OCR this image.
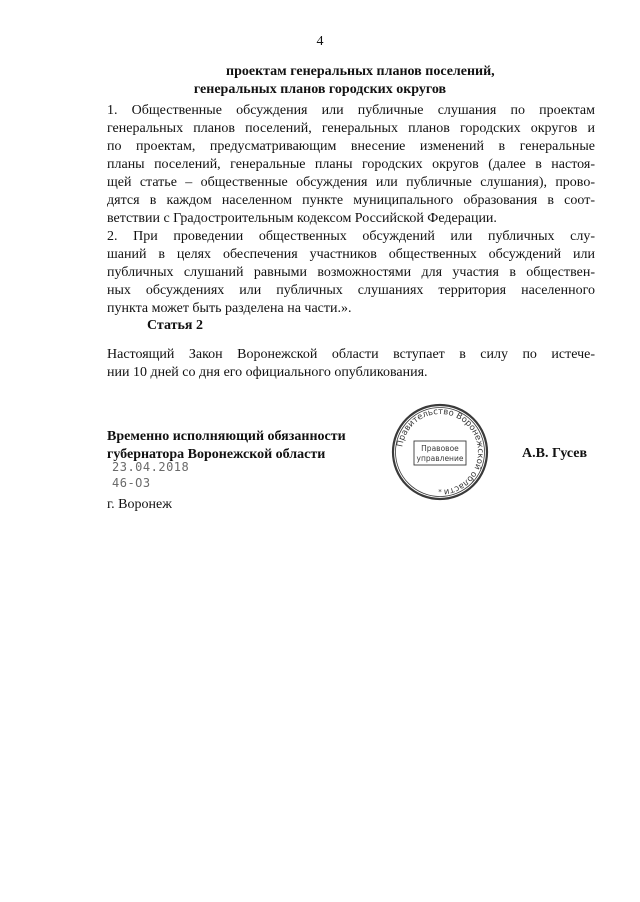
4
проектам генеральных планов поселений,
генеральных планов городских округов
1. Общественные обсуждения или публичные слушания по проектам
генеральных планов поселений, генеральных планов городских округов и
по проектам, предусматривающим внесение изменений в генеральные
планы поселений, генеральные планы городских округов (далее в настоя-
щей статье – общественные обсуждения или публичные слушания), прово-
дятся в каждом населенном пункте муниципального образования в соот-
ветствии с Градостроительным кодексом Российской Федерации.
2. При проведении общественных обсуждений или публичных слу-
шаний в целях обеспечения участников общественных обсуждений или
публичных слушаний равными возможностями для участия в обществен-
ных обсуждениях или публичных слушаниях территория населенного
пункта может быть разделена на части.».
Статья 2
Настоящий Закон Воронежской области вступает в силу по истече-
нии 10 дней со дня его официального опубликования.
Временно исполняющий обязанности
губернатора Воронежской области
23.04.2018
46-ОЗ
г. Воронеж
А.В. Гусев
Правительство Воронежской области
Правовое
управление
*
